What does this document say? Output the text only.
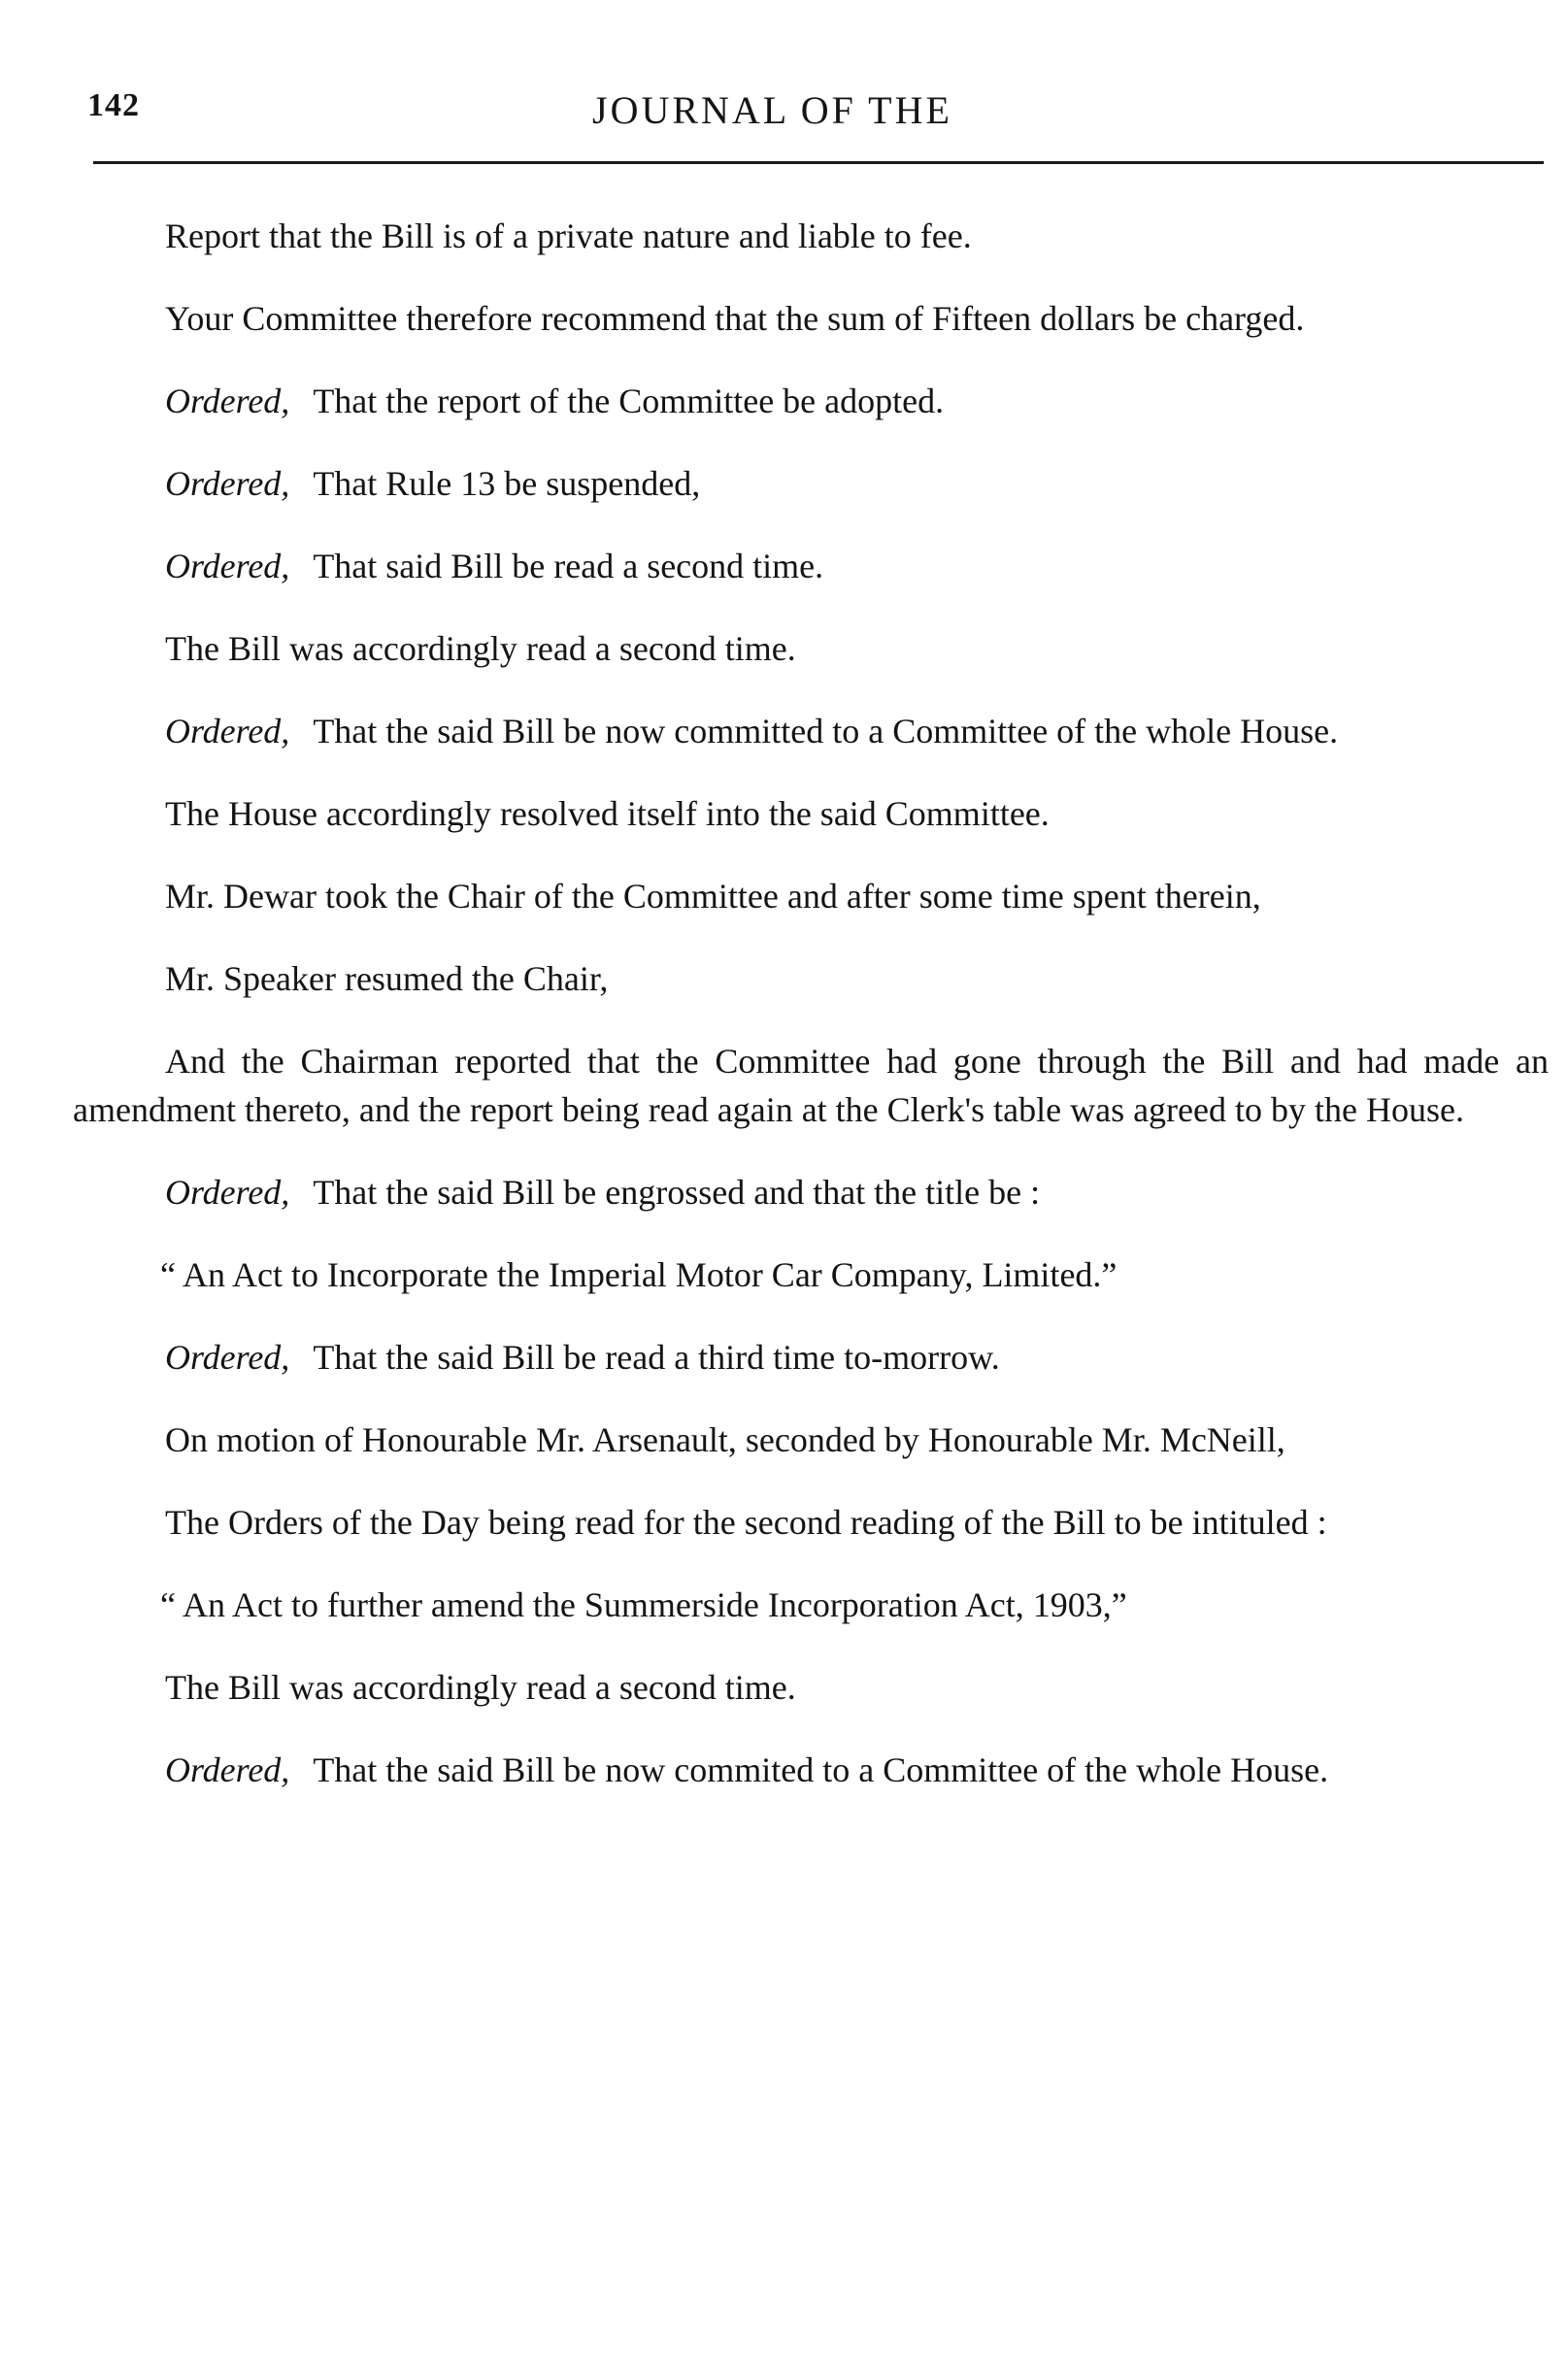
142	JOURNAL OF THE

Report that the Bill is of a private nature and liable to fee.

Your Committee therefore recommend that the sum of Fifteen dollars be charged.

Ordered, That the report of the Committee be adopted.

Ordered, That Rule 13 be suspended,

Ordered, That said Bill be read a second time.

The Bill was accordingly read a second time.

Ordered, That the said Bill be now committed to a Committee of the whole House.

The House accordingly resolved itself into the said Committee.

Mr. Dewar took the Chair of the Committee and after some time spent therein,

Mr. Speaker resumed the Chair,

And the Chairman reported that the Committee had gone through the Bill and had made an amendment thereto, and the report being read again at the Clerk's table was agreed to by the House.

Ordered, That the said Bill be engrossed and that the title be :

“ An Act to Incorporate the Imperial Motor Car Company, Limited.”

Ordered, That the said Bill be read a third time to-morrow.

On motion of Honourable Mr. Arsenault, seconded by Honourable Mr. McNeill,

The Orders of the Day being read for the second reading of the Bill to be intituled :

“ An Act to further amend the Summerside Incorporation Act, 1903,”

The Bill was accordingly read a second time.

Ordered, That the said Bill be now commited to a Committee of the whole House.
